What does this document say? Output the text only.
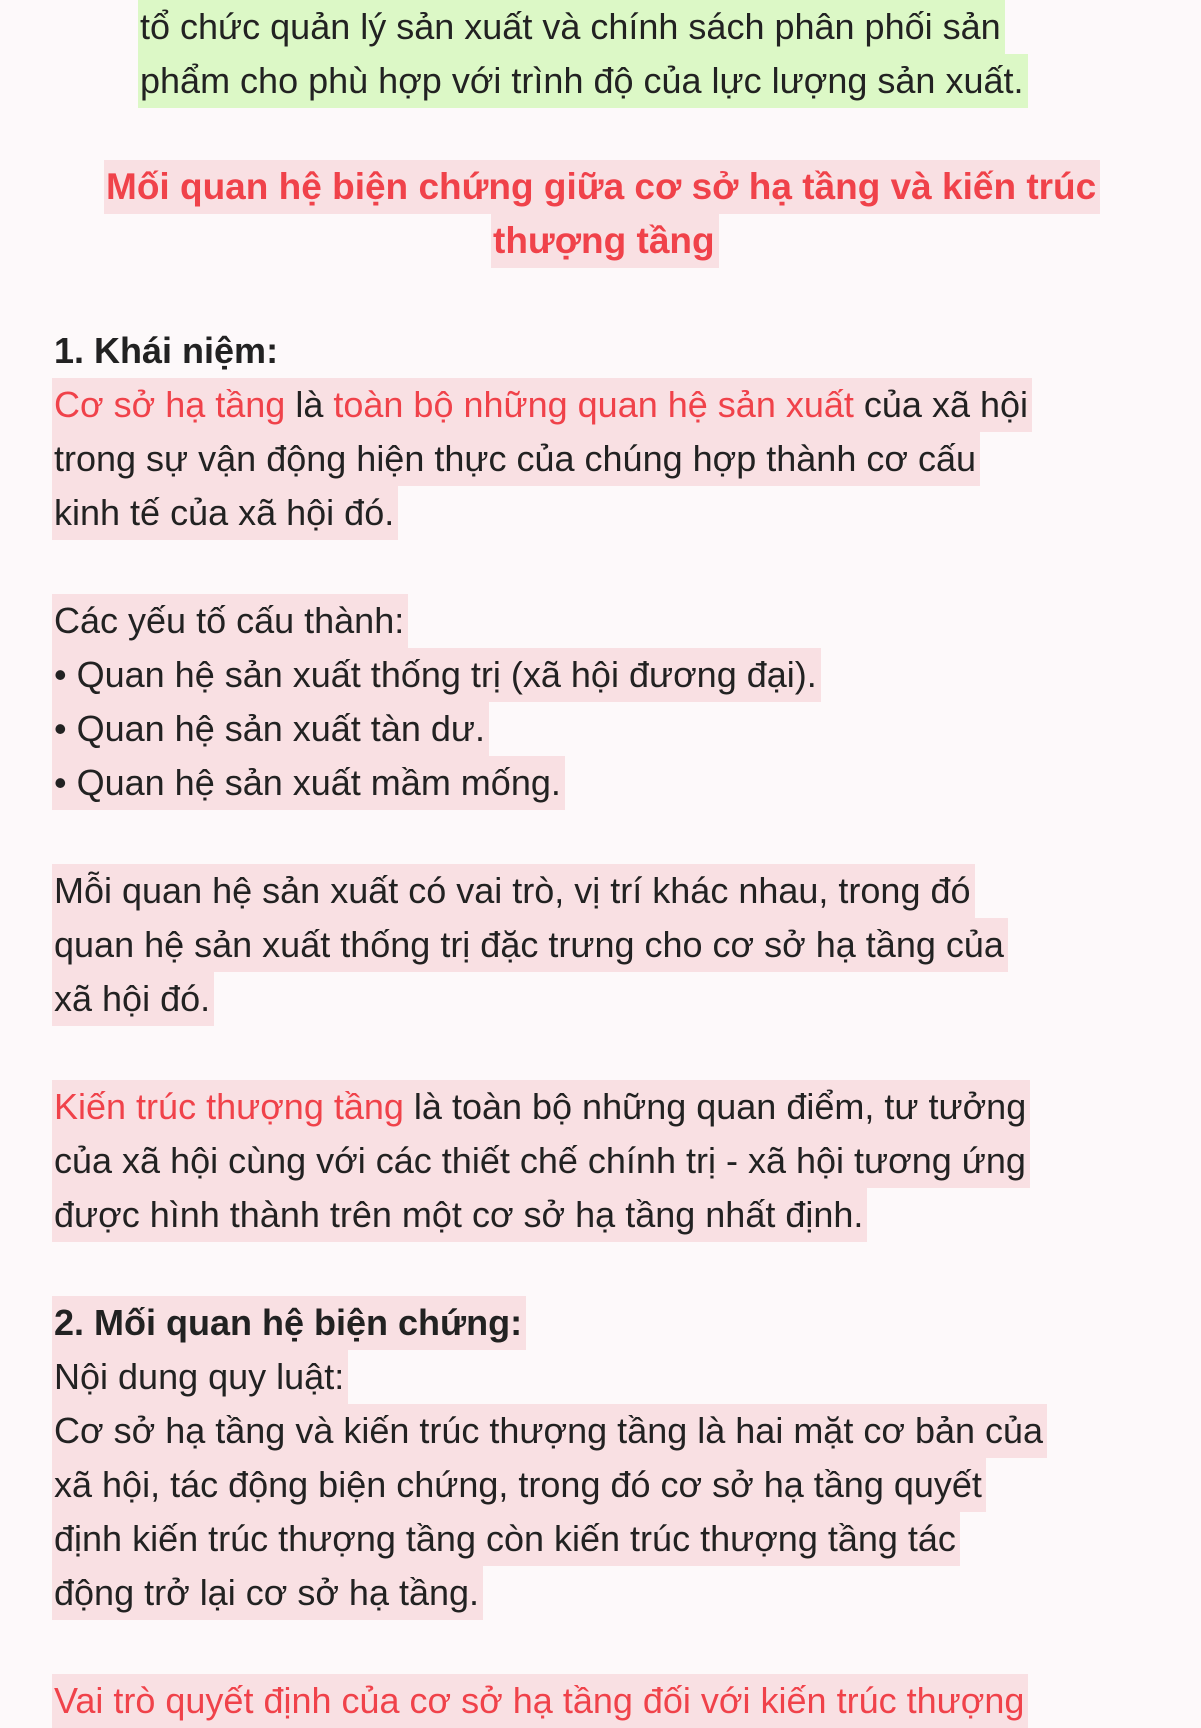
tổ chức quản lý sản xuất và chính sách phân phối sản
phẩm cho phù hợp với trình độ của lực lượng sản xuất.
Mối quan hệ biện chứng giữa cơ sở hạ tầng và kiến trúc
thượng tầng
1. Khái niệm:
Cơ sở hạ tầng là toàn bộ những quan hệ sản xuất của xã hội
trong sự vận động hiện thực của chúng hợp thành cơ cấu
kinh tế của xã hội đó.
Các yếu tố cấu thành:
• Quan hệ sản xuất thống trị (xã hội đương đại).
• Quan hệ sản xuất tàn dư.
• Quan hệ sản xuất mầm mống.
Mỗi quan hệ sản xuất có vai trò, vị trí khác nhau, trong đó
quan hệ sản xuất thống trị đặc trưng cho cơ sở hạ tầng của
xã hội đó.
Kiến trúc thượng tầng là toàn bộ những quan điểm, tư tưởng
của xã hội cùng với các thiết chế chính trị - xã hội tương ứng
được hình thành trên một cơ sở hạ tầng nhất định.
2. Mối quan hệ biện chứng:
Nội dung quy luật:
Cơ sở hạ tầng và kiến trúc thượng tầng là hai mặt cơ bản của
xã hội, tác động biện chứng, trong đó cơ sở hạ tầng quyết
định kiến trúc thượng tầng còn kiến trúc thượng tầng tác
động trở lại cơ sở hạ tầng.
Vai trò quyết định của cơ sở hạ tầng đối với kiến trúc thượng
